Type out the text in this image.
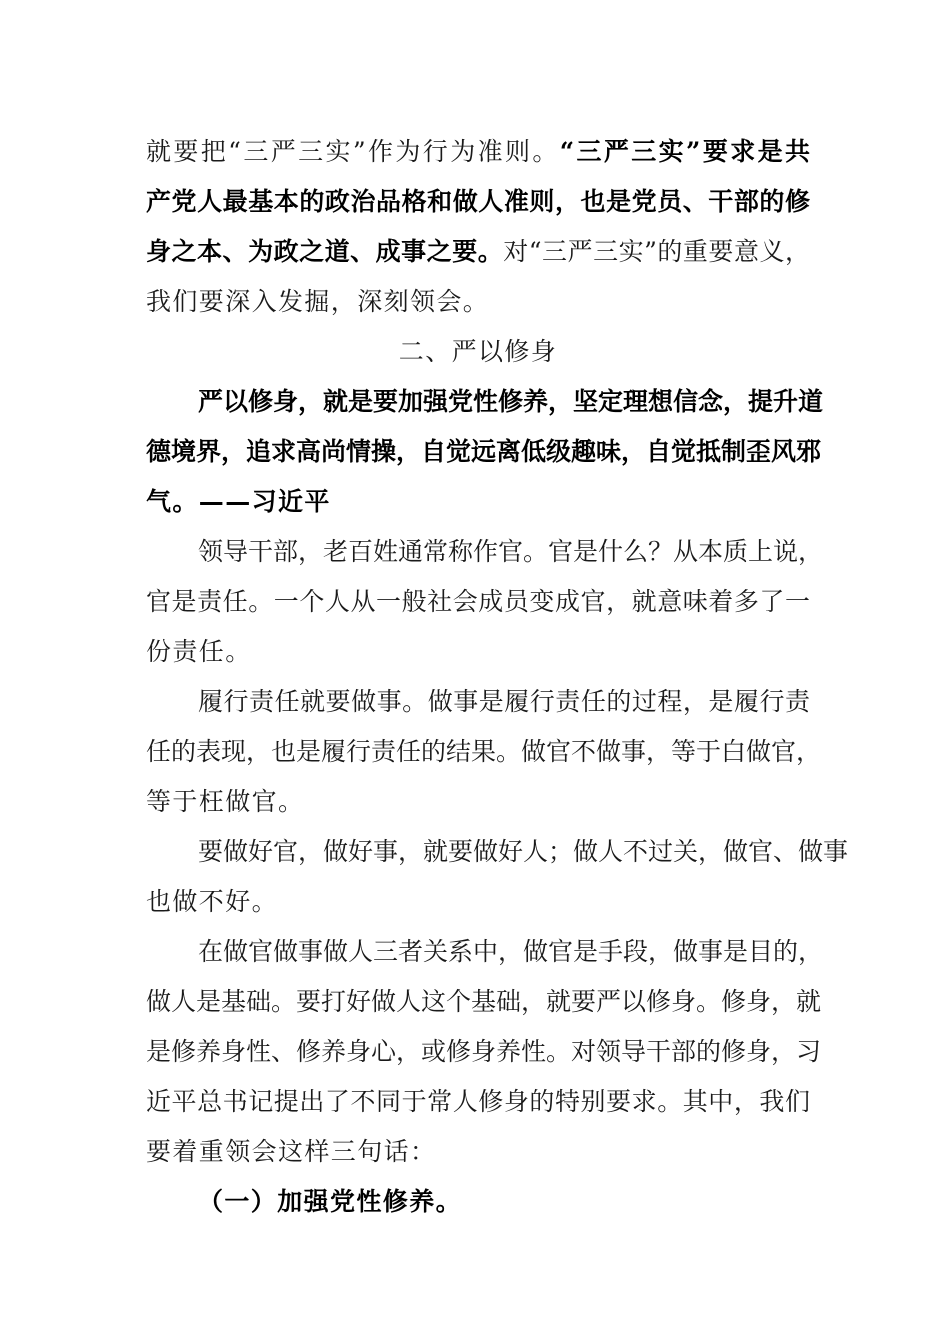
就要把“三严三实”作为行为准则。“三严三实”要求是共
产党人最基本的政治品格和做人准则，也是党员、干部的修
身之本、为政之道、成事之要。对“三严三实”的重要意义，
我们要深入发掘，深刻领会。
二、严以修身
严以修身，就是要加强党性修养，坚定理想信念，提升道
德境界，追求高尚情操，自觉远离低级趣味，自觉抵制歪风邪
气。——习近平
领导干部，老百姓通常称作官。官是什么？从本质上说，
官是责任。一个人从一般社会成员变成官，就意味着多了一
份责任。
履行责任就要做事。做事是履行责任的过程，是履行责
任的表现，也是履行责任的结果。做官不做事，等于白做官，
等于枉做官。
要做好官，做好事，就要做好人；做人不过关，做官、做事
也做不好。
在做官做事做人三者关系中，做官是手段，做事是目的，
做人是基础。要打好做人这个基础，就要严以修身。修身，就
是修养身性、修养身心，或修身养性。对领导干部的修身，习
近平总书记提出了不同于常人修身的特别要求。其中，我们
要着重领会这样三句话：
（一）加强党性修养。
